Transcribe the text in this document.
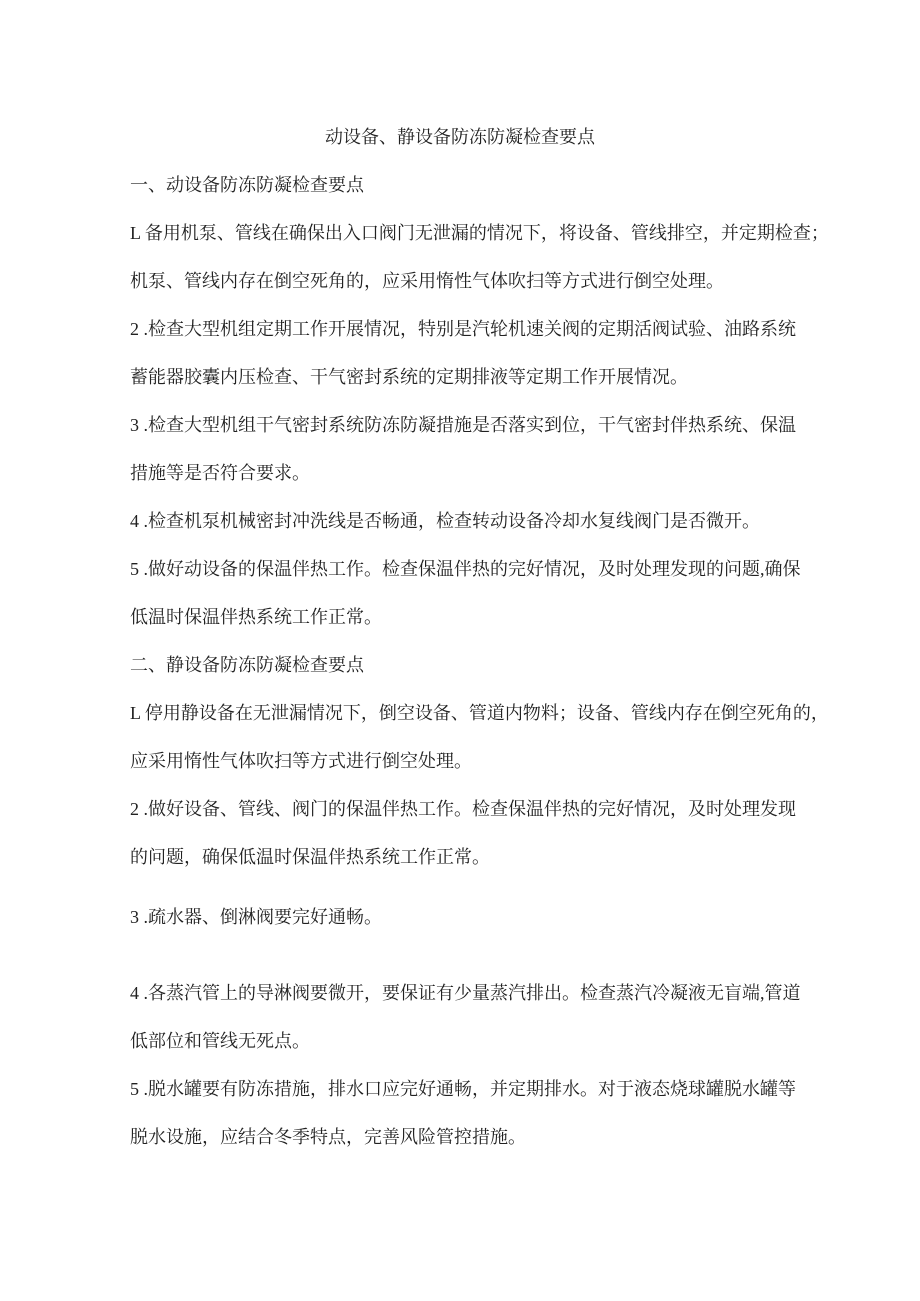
动设备、静设备防冻防凝检查要点
一、动设备防冻防凝检查要点
L 备用机泵、管线在确保出入口阀门无泄漏的情况下，将设备、管线排空，并定期检查；
机泵、管线内存在倒空死角的，应采用惰性气体吹扫等方式进行倒空处理。
2 .检查大型机组定期工作开展情况，特别是汽轮机速关阀的定期活阀试验、油路系统
蓄能器胶囊内压检查、干气密封系统的定期排液等定期工作开展情况。
3 .检查大型机组干气密封系统防冻防凝措施是否落实到位，干气密封伴热系统、保温
措施等是否符合要求。
4 .检查机泵机械密封冲洗线是否畅通，检查转动设备冷却水复线阀门是否微开。
5 .做好动设备的保温伴热工作。检查保温伴热的完好情况，及时处理发现的问题,确保
低温时保温伴热系统工作正常。
二、静设备防冻防凝检查要点
L 停用静设备在无泄漏情况下，倒空设备、管道内物料；设备、管线内存在倒空死角的，
应采用惰性气体吹扫等方式进行倒空处理。
2 .做好设备、管线、阀门的保温伴热工作。检查保温伴热的完好情况，及时处理发现
的问题，确保低温时保温伴热系统工作正常。
3 .疏水器、倒淋阀要完好通畅。
4 .各蒸汽管上的导淋阀要微开，要保证有少量蒸汽排出。检查蒸汽冷凝液无盲端,管道
低部位和管线无死点。
5 .脱水罐要有防冻措施，排水口应完好通畅，并定期排水。对于液态烧球罐脱水罐等
脱水设施，应结合冬季特点，完善风险管控措施。
